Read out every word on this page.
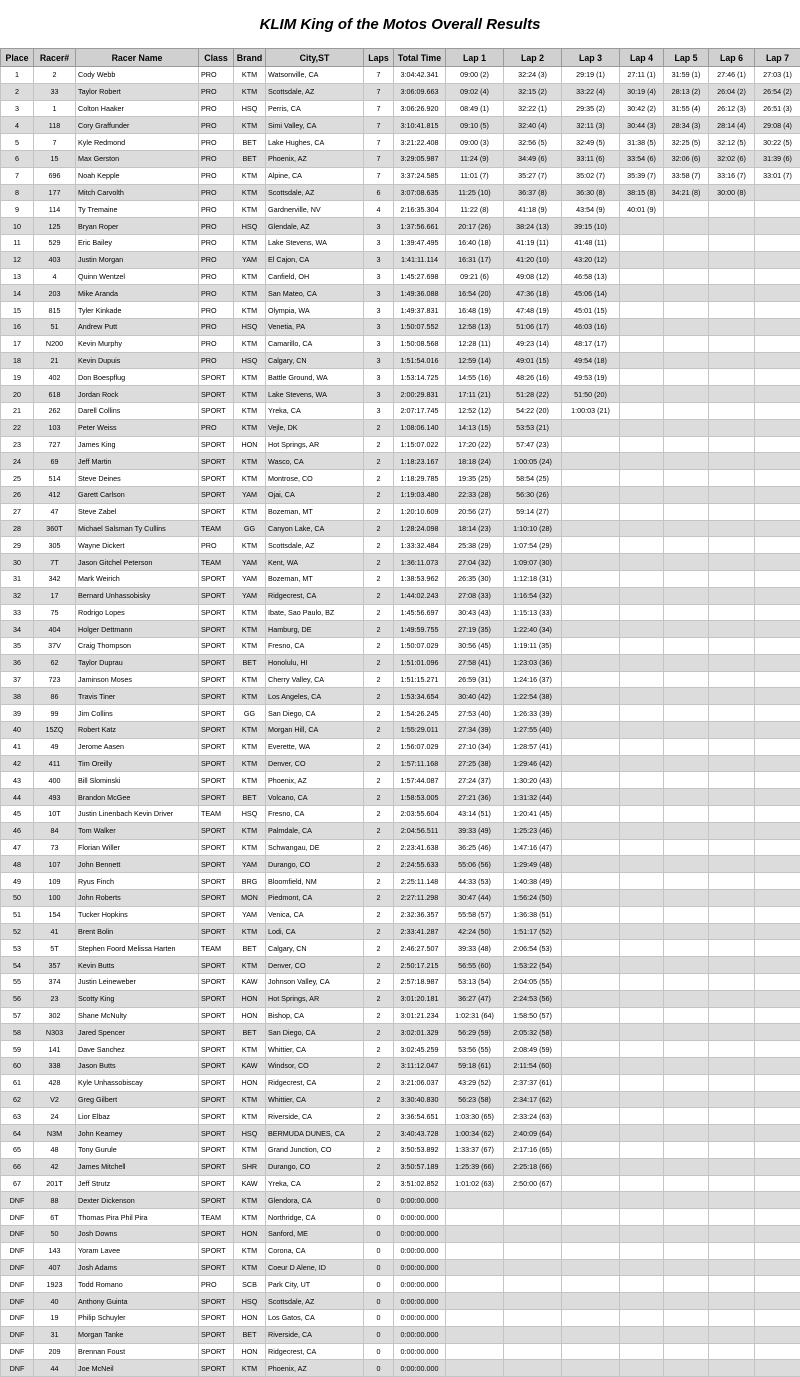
KLIM King of the Motos Overall Results
Place	Racer#	Racer Name	Class	Brand	City,ST	Laps	Total Time	Lap 1	Lap 2	Lap 3	Lap 4	Lap 5	Lap 6	Lap 7
1	2	Cody Webb	PRO	KTM	Watsonville, CA	7	3:04:42.341	09:00 (2)	32:24 (3)	29:19 (1)	27:11 (1)	31:59 (1)	27:46 (1)	27:03 (1)
2	33	Taylor Robert	PRO	KTM	Scottsdale, AZ	7	3:06:09.663	09:02 (4)	32:15 (2)	33:22 (4)	30:19 (4)	28:13 (2)	26:04 (2)	26:54 (2)
3	1	Colton Haaker	PRO	HSQ	Perris, CA	7	3:06:26.920	08:49 (1)	32:22 (1)	29:35 (2)	30:42 (2)	31:55 (4)	26:12 (3)	26:51 (3)
4	118	Cory Graffunder	PRO	KTM	Simi Valley, CA	7	3:10:41.815	09:10 (5)	32:40 (4)	32:11 (3)	30:44 (3)	28:34 (3)	28:14 (4)	29:08 (4)
5	7	Kyle Redmond	PRO	BET	Lake Hughes, CA	7	3:21:22.408	09:00 (3)	32:56 (5)	32:49 (5)	31:38 (5)	32:25 (5)	32:12 (5)	30:22 (5)
6	15	Max Gerston	PRO	BET	Phoenix, AZ	7	3:29:05.987	11:24 (9)	34:49 (6)	33:11 (6)	33:54 (6)	32:06 (6)	32:02 (6)	31:39 (6)
7	696	Noah Kepple	PRO	KTM	Alpine, CA	7	3:37:24.585	11:01 (7)	35:27 (7)	35:02 (7)	35:39 (7)	33:58 (7)	33:16 (7)	33:01 (7)
8	177	Mitch Carvolth	PRO	KTM	Scottsdale, AZ	6	3:07:08.635	11:25 (10)	36:37 (8)	36:30 (8)	38:15 (8)	34:21 (8)	30:00 (8)	
9	114	Ty Tremaine	PRO	KTM	Gardnerville, NV	4	2:16:35.304	11:22 (8)	41:18 (9)	43:54 (9)	40:01 (9)			
10	125	Bryan Roper	PRO	HSQ	Glendale, AZ	3	1:37:56.661	20:17 (26)	38:24 (13)	39:15 (10)				
11	529	Eric Bailey	PRO	KTM	Lake Stevens, WA	3	1:39:47.495	16:40 (18)	41:19 (11)	41:48 (11)				
12	403	Justin Morgan	PRO	YAM	El Cajon, CA	3	1:41:11.114	16:31 (17)	41:20 (10)	43:20 (12)				
13	4	Quinn Wentzel	PRO	KTM	Canfield, OH	3	1:45:27.698	09:21 (6)	49:08 (12)	46:58 (13)				
14	203	Mike Aranda	PRO	KTM	San Mateo, CA	3	1:49:36.088	16:54 (20)	47:36 (18)	45:06 (14)				
15	815	Tyler Kinkade	PRO	KTM	Olympia, WA	3	1:49:37.831	16:48 (19)	47:48 (19)	45:01 (15)				
16	51	Andrew Putt	PRO	HSQ	Venetia, PA	3	1:50:07.552	12:58 (13)	51:06 (17)	46:03 (16)				
17	N200	Kevin Murphy	PRO	KTM	Camarillo, CA	3	1:50:08.568	12:28 (11)	49:23 (14)	48:17 (17)				
18	21	Kevin Dupuis	PRO	HSQ	Calgary, CN	3	1:51:54.016	12:59 (14)	49:01 (15)	49:54 (18)				
19	402	Don Boespflug	SPORT	KTM	Battle Ground, WA	3	1:53:14.725	14:55 (16)	48:26 (16)	49:53 (19)				
20	618	Jordan Rock	SPORT	KTM	Lake Stevens, WA	3	2:00:29.831	17:11 (21)	51:28 (22)	51:50 (20)				
21	262	Darell Collins	SPORT	KTM	Yreka, CA	3	2:07:17.745	12:52 (12)	54:22 (20)	1:00:03 (21)				
22	103	Peter Weiss	PRO	KTM	Vejle, DK	2	1:08:06.140	14:13 (15)	53:53 (21)					
23	727	James King	SPORT	HON	Hot Springs, AR	2	1:15:07.022	17:20 (22)	57:47 (23)					
24	69	Jeff Martin	SPORT	KTM	Wasco, CA	2	1:18:23.167	18:18 (24)	1:00:05 (24)					
25	514	Steve Deines	SPORT	KTM	Montrose, CO	2	1:18:29.785	19:35 (25)	58:54 (25)					
26	412	Garett Carlson	SPORT	YAM	Ojai, CA	2	1:19:03.480	22:33 (28)	56:30 (26)					
27	47	Steve Zabel	SPORT	KTM	Bozeman, MT	2	1:20:10.609	20:56 (27)	59:14 (27)					
28	360T	Michael Salsman Ty Cullins	TEAM	GG	Canyon Lake, CA	2	1:28:24.098	18:14 (23)	1:10:10 (28)					
29	305	Wayne Dickert	PRO	KTM	Scottsdale, AZ	2	1:33:32.484	25:38 (29)	1:07:54 (29)					
30	7T	Jason Gitchel Peterson	TEAM	YAM	Kent, WA	2	1:36:11.073	27:04 (32)	1:09:07 (30)					
31	342	Mark Weirich	SPORT	YAM	Bozeman, MT	2	1:38:53.962	26:35 (30)	1:12:18 (31)					
32	17	Bernard Unhassobisky	SPORT	YAM	Ridgecrest, CA	2	1:44:02.243	27:08 (33)	1:16:54 (32)					
33	75	Rodrigo Lopes	SPORT	KTM	Ibate, Sao Paulo, BZ	2	1:45:56.697	30:43 (43)	1:15:13 (33)					
34	404	Holger Dettmann	SPORT	KTM	Hamburg, DE	2	1:49:59.755	27:19 (35)	1:22:40 (34)					
35	37V	Craig Thompson	SPORT	KTM	Fresno, CA	2	1:50:07.029	30:56 (45)	1:19:11 (35)					
36	62	Taylor Duprau	SPORT	BET	Honolulu, HI	2	1:51:01.096	27:58 (41)	1:23:03 (36)					
37	723	Jaminson Moses	SPORT	KTM	Cherry Valley, CA	2	1:51:15.271	26:59 (31)	1:24:16 (37)					
38	86	Travis Tiner	SPORT	KTM	Los Angeles, CA	2	1:53:34.654	30:40 (42)	1:22:54 (38)					
39	99	Jim Collins	SPORT	GG	San Diego, CA	2	1:54:26.245	27:53 (40)	1:26:33 (39)					
40	15ZQ	Robert Katz	SPORT	KTM	Morgan Hill, CA	2	1:55:29.011	27:34 (39)	1:27:55 (40)					
41	49	Jerome Aasen	SPORT	KTM	Everette, WA	2	1:56:07.029	27:10 (34)	1:28:57 (41)					
42	411	Tim Oreilly	SPORT	KTM	Denver, CO	2	1:57:11.168	27:25 (38)	1:29:46 (42)					
43	400	Bill Slominski	SPORT	KTM	Phoenix, AZ	2	1:57:44.087	27:24 (37)	1:30:20 (43)					
44	493	Brandon McGee	SPORT	BET	Volcano, CA	2	1:58:53.005	27:21 (36)	1:31:32 (44)					
45	10T	Justin Linenbach Kevin Driver	TEAM	HSQ	Fresno, CA	2	2:03:55.604	43:14 (51)	1:20:41 (45)					
46	84	Tom Walker	SPORT	KTM	Palmdale, CA	2	2:04:56.511	39:33 (49)	1:25:23 (46)					
47	73	Florian Willer	SPORT	KTM	Schwangau, DE	2	2:23:41.638	36:25 (46)	1:47:16 (47)					
48	107	John Bennett	SPORT	YAM	Durango, CO	2	2:24:55.633	55:06 (56)	1:29:49 (48)					
49	109	Ryus Finch	SPORT	BRG	Bloomfield, NM	2	2:25:11.148	44:33 (53)	1:40:38 (49)					
50	100	John Roberts	SPORT	MON	Piedmont, CA	2	2:27:11.298	30:47 (44)	1:56:24 (50)					
51	154	Tucker Hopkins	SPORT	YAM	Venica, CA	2	2:32:36.357	55:58 (57)	1:36:38 (51)					
52	41	Brent Bolin	SPORT	KTM	Lodi, CA	2	2:33:41.287	42:24 (50)	1:51:17 (52)					
53	5T	Stephen Foord Melissa Harten	TEAM	BET	Calgary, CN	2	2:46:27.507	39:33 (48)	2:06:54 (53)					
54	357	Kevin Butts	SPORT	KTM	Denver, CO	2	2:50:17.215	56:55 (60)	1:53:22 (54)					
55	374	Justin Leineweber	SPORT	KAW	Johnson Valley, CA	2	2:57:18.987	53:13 (54)	2:04:05 (55)					
56	23	Scotty King	SPORT	HON	Hot Springs, AR	2	3:01:20.181	36:27 (47)	2:24:53 (56)					
57	302	Shane McNulty	SPORT	HON	Bishop, CA	2	3:01:21.234	1:02:31 (64)	1:58:50 (57)					
58	N303	Jared Spencer	SPORT	BET	San Diego, CA	2	3:02:01.329	56:29 (59)	2:05:32 (58)					
59	141	Dave Sanchez	SPORT	KTM	Whittier, CA	2	3:02:45.259	53:56 (55)	2:08:49 (59)					
60	338	Jason Butts	SPORT	KAW	Windsor, CO	2	3:11:12.047	59:18 (61)	2:11:54 (60)					
61	428	Kyle Unhassobiscay	SPORT	HON	Ridgecrest, CA	2	3:21:06.037	43:29 (52)	2:37:37 (61)					
62	V2	Greg Gilbert	SPORT	KTM	Whittier, CA	2	3:30:40.830	56:23 (58)	2:34:17 (62)					
63	24	Lior Elbaz	SPORT	KTM	Riverside, CA	2	3:36:54.651	1:03:30 (65)	2:33:24 (63)					
64	N3M	John Kearney	SPORT	HSQ	BERMUDA DUNES, CA	2	3:40:43.728	1:00:34 (62)	2:40:09 (64)					
65	48	Tony Gurule	SPORT	KTM	Grand Junction, CO	2	3:50:53.892	1:33:37 (67)	2:17:16 (65)					
66	42	James Mitchell	SPORT	SHR	Durango, CO	2	3:50:57.189	1:25:39 (66)	2:25:18 (66)					
67	201T	Jeff Strutz	SPORT	KAW	Yreka, CA	2	3:51:02.852	1:01:02 (63)	2:50:00 (67)					
DNF	88	Dexter Dickenson	SPORT	KTM	Glendora, CA	0	0:00:00.000							
DNF	6T	Thomas Pira Phil Pira	TEAM	KTM	Northridge, CA	0	0:00:00.000							
DNF	50	Josh Downs	SPORT	HON	Sanford, ME	0	0:00:00.000							
DNF	143	Yoram Lavee	SPORT	KTM	Corona, CA	0	0:00:00.000							
DNF	407	Josh Adams	SPORT	KTM	Coeur D Alene, ID	0	0:00:00.000							
DNF	1923	Todd Romano	PRO	SCB	Park City, UT	0	0:00:00.000							
DNF	40	Anthony Guinta	SPORT	HSQ	Scottsdale, AZ	0	0:00:00.000							
DNF	19	Philip Schuyler	SPORT	HON	Los Gatos, CA	0	0:00:00.000							
DNF	31	Morgan Tanke	SPORT	BET	Riverside, CA	0	0:00:00.000							
DNF	209	Brennan Foust	SPORT	HON	Ridgecrest, CA	0	0:00:00.000							
DNF	44	Joe McNeil	SPORT	KTM	Phoenix, AZ	0	0:00:00.000							
